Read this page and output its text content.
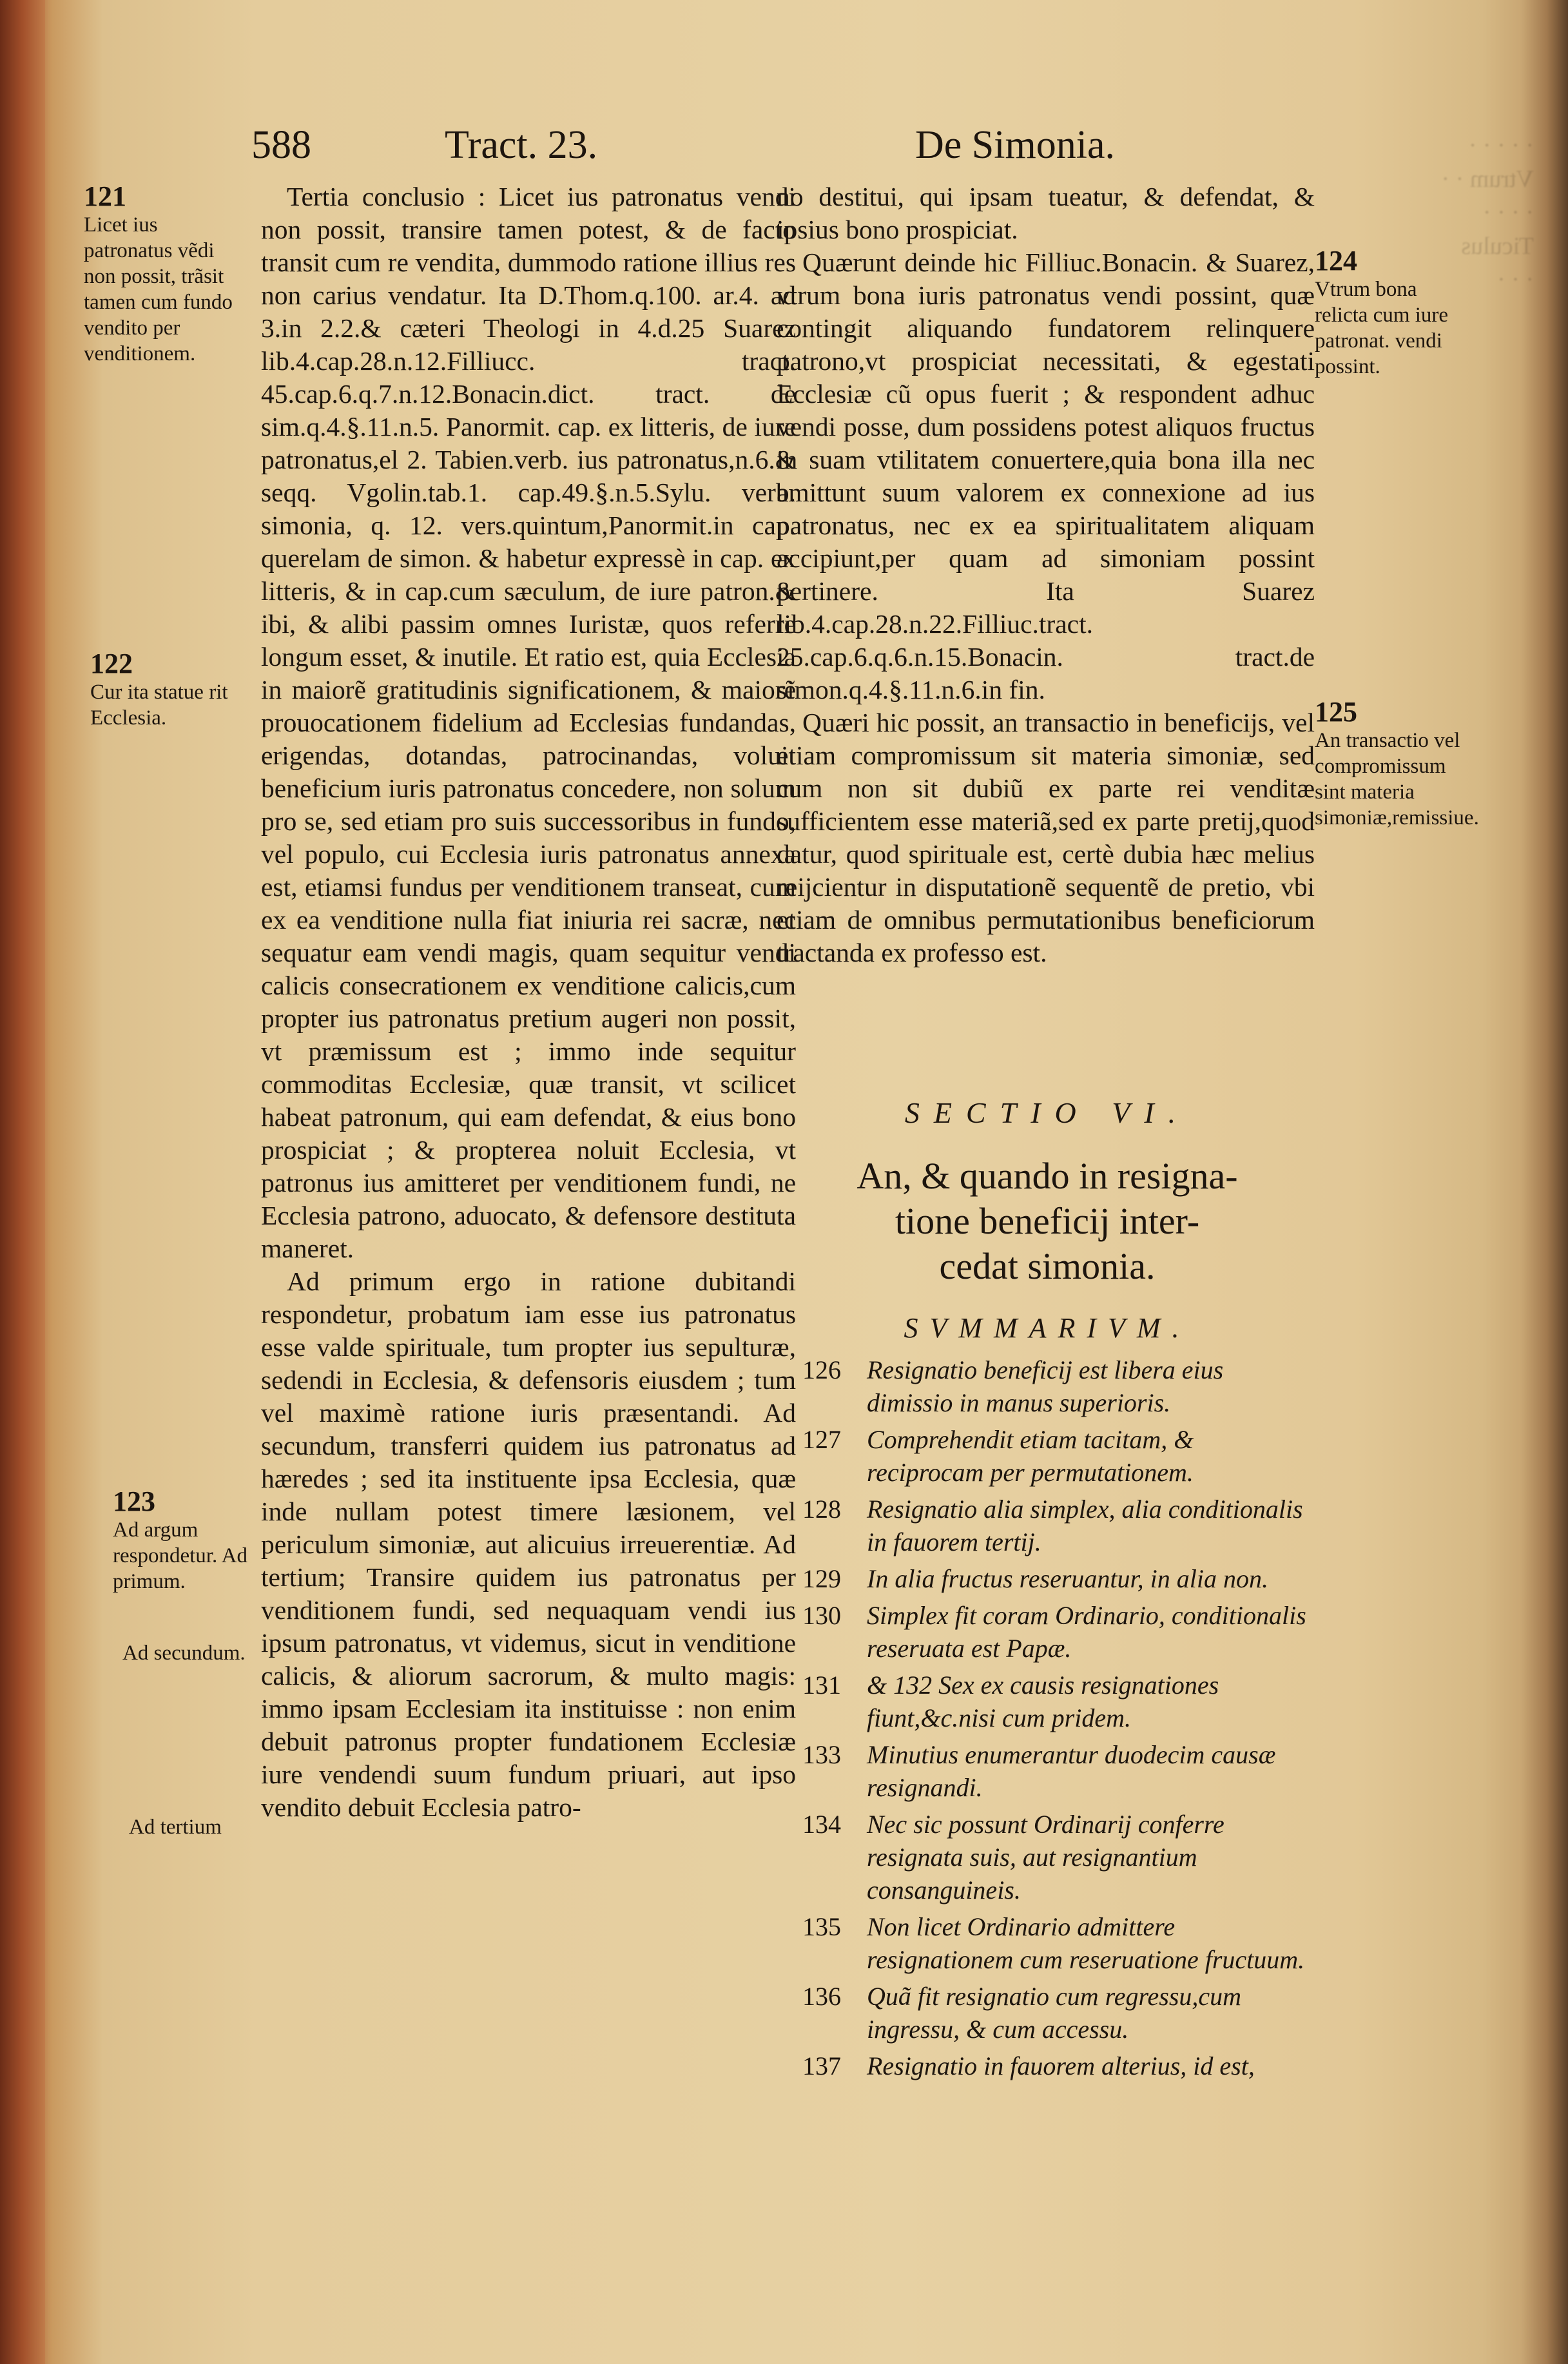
· · · · ·
Vtrum · ·
· · · ·
Ticulus
· · ·
588	Tract. 23.	De Simonia.
121
Licet ius patronatus vẽdi non possit, trãsit tamen cum fundo vendito per venditionem.
122
Cur ita statue rit Ecclesia.
123
Ad argum respondetur. Ad primum.
Ad secundum.
Ad tertium
124
Vtrum bona relicta cum iure patronat. vendi possint.
125
An transactio vel compromissum sint materia simoniæ,remissiue.

Tertia conclusio : Licet ius patronatus vendi non possit, transire tamen potest, & de facto transit cum re vendita, dummodo ratione illius res non carius vendatur. Ita D.Thom.q.100. ar.4. ad 3.in 2.2.& cæteri Theologi in 4.d.25 Suarez lib.4.cap.28.n.12.Filliucc. tract. 45.cap.6.q.7.n.12.Bonacin.dict. tract. de sim.q.4.§.11.n.5. Panormit. cap. ex litteris, de iure patronatus,el 2. Tabien.verb. ius patronatus,n.6.& seqq. Vgolin.tab.1. cap.49.§.n.5.Sylu. verb. simonia, q. 12. vers.quintum,Panormit.in cap. querelam de simon. & habetur expressè in cap. ex litteris, & in cap.cum sæculum, de iure patron.& ibi, & alibi passim omnes Iuristæ, quos referre longum esset, & inutile. Et ratio est, quia Ecclesia in maiorẽ gratitudinis significationem, & maiorẽ prouocationem fidelium ad Ecclesias fundandas, erigendas, dotandas, patrocinandas, voluit beneficium iuris patronatus concedere, non solum pro se, sed etiam pro suis successoribus in fundo, vel populo, cui Ecclesia iuris patronatus annexa est, etiamsi fundus per venditionem transeat, cum ex ea venditione nulla fiat iniuria rei sacræ, nec sequatur eam vendi magis, quam sequitur vendi calicis consecrationem ex venditione calicis,cum propter ius patronatus pretium augeri non possit, vt præmissum est ; immo inde sequitur commoditas Ecclesiæ, quæ transit, vt scilicet habeat patronum, qui eam defendat, & eius bono prospiciat ; & propterea noluit Ecclesia, vt patronus ius amitteret per venditionem fundi, ne Ecclesia patrono, aduocato, & defensore destituta maneret.

Ad primum ergo in ratione dubitandi respondetur, probatum iam esse ius patronatus esse valde spirituale, tum propter ius sepulturæ, sedendi in Ecclesia, & defensoris eiusdem ; tum vel maximè ratione iuris præsentandi. Ad secundum, transferri quidem ius patronatus ad hæredes ; sed ita instituente ipsa Ecclesia, quæ inde nullam potest timere læsionem, vel periculum simoniæ, aut alicuius irreuerentiæ. Ad tertium; Transire quidem ius patronatus per venditionem fundi, sed nequaquam vendi ius ipsum patronatus, vt videmus, sicut in venditione calicis, & aliorum sacrorum, & multo magis: immo ipsam Ecclesiam ita instituisse : non enim debuit patronus propter fundationem Ecclesiæ iure vendendi suum fundum priuari, aut ipso vendito debuit Ecclesia patro-

no destitui, qui ipsam tueatur, & defendat, & ipsius bono prospiciat.

Quærunt deinde hic Filliuc.Bonacin. & Suarez, vtrum bona iuris patronatus vendi possint, quæ contingit aliquando fundatorem relinquere patrono,vt prospiciat necessitati, & egestati Ecclesiæ cũ opus fuerit ; & respondent adhuc vendi posse, dum possidens potest aliquos fructus in suam vtilitatem conuertere,quia bona illa nec amittunt suum valorem ex connexione ad ius patronatus, nec ex ea spiritualitatem aliquam accipiunt,per quam ad simoniam possint pertinere. Ita Suarez lib.4.cap.28.n.22.Filliuc.tract. 25.cap.6.q.6.n.15.Bonacin. tract.de simon.q.4.§.11.n.6.in fin.

Quæri hic possit, an transactio in beneficijs, vel etiam compromissum sit materia simoniæ, sed cum non sit dubiũ ex parte rei venditæ sufficientem esse materiã,sed ex parte pretij,quod datur, quod spirituale est, certè dubia hæc melius reijcientur in disputationẽ sequentẽ de pretio, vbi etiam de omnibus permutationibus beneficiorum tractanda ex professo est.

SECTIO VI.
An, & quando in resigna-
tione beneficij inter-
cedat simonia.
SVMMARIVM.
126 Resignatio beneficij est libera eius dimissio in manus superioris.
127 Comprehendit etiam tacitam, & reciprocam per permutationem.
128 Resignatio alia simplex, alia conditionalis in fauorem tertij.
129 In alia fructus reseruantur, in alia non.
130 Simplex fit coram Ordinario, conditionalis reseruata est Papæ.
131 & 132 Sex ex causis resignationes fiunt,&c.nisi cum pridem.
133 Minutius enumerantur duodecim causæ resignandi.
134 Nec sic possunt Ordinarij conferre resignata suis, aut resignantium consanguineis.
135 Non licet Ordinario admittere resignationem cum reseruatione fructuum.
136 Quã fit resignatio cum regressu,cum ingressu, & cum accessu.
137 Resignatio in fauorem alterius, id est,
